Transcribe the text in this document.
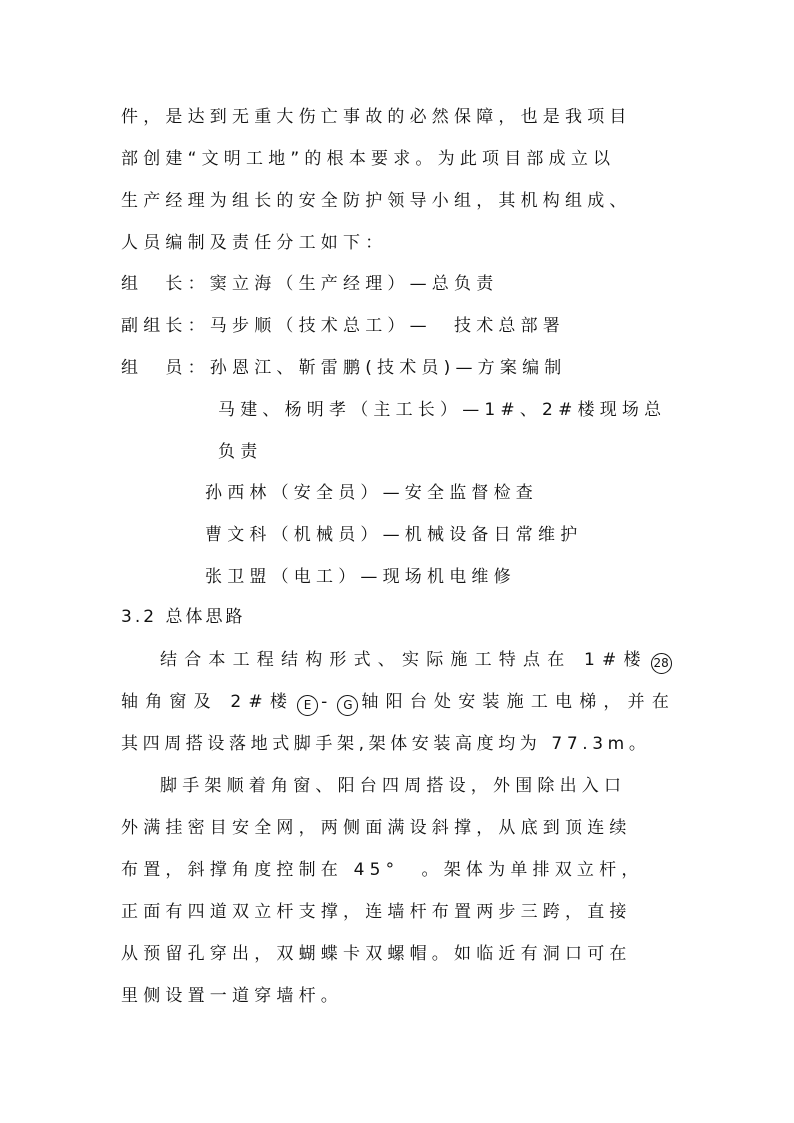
件，是达到无重大伤亡事故的必然保障，也是我项目
部创建“文明工地”的根本要求。为此项目部成立以
生产经理为组长的安全防护领导小组，其机构组成、
人员编制及责任分工如下：
组　长：窦立海（生产经理）—总负责
副组长：马步顺（技术总工）—　技术总部署
组　员：孙恩江、靳雷鹏(技术员)—方案编制
马建、杨明孝（主工长）—1#、2#楼现场总
负责
孙西林（安全员）—安全监督检查
曹文科（机械员）—机械设备日常维护
张卫盟（电工）—现场机电维修
3.2 总体思路
结合本工程结构形式、实际施工特点在 1#楼 28
轴角窗及 2#楼 E - G 轴阳台处安装施工电梯，并在
其四周搭设落地式脚手架,架体安装高度均为 77.3m。
脚手架顺着角窗、阳台四周搭设，外围除出入口
外满挂密目安全网，两侧面满设斜撑，从底到顶连续
布置，斜撑角度控制在 45°　。架体为单排双立杆，
正面有四道双立杆支撑，连墙杆布置两步三跨，直接
从预留孔穿出，双蝴蝶卡双螺帽。如临近有洞口可在
里侧设置一道穿墙杆。
